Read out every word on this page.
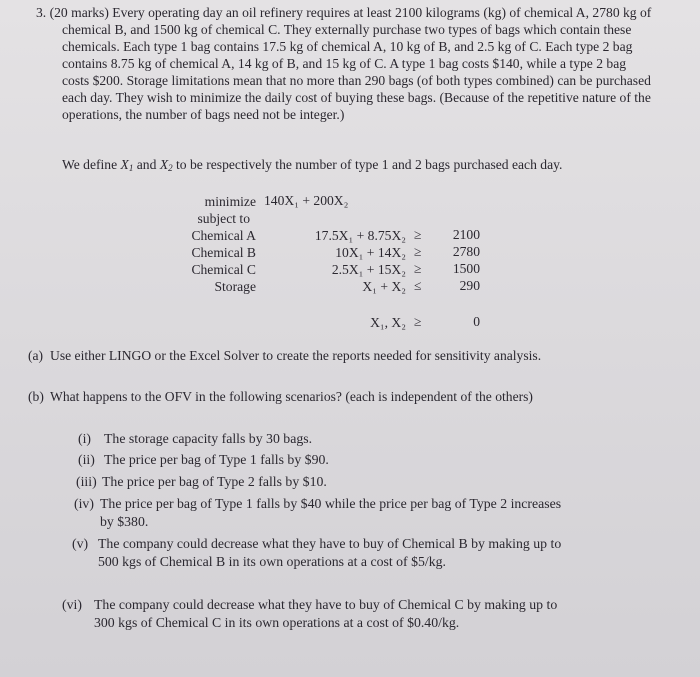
3. (20 marks) Every operating day an oil refinery requires at least 2100 kilograms (kg) of chemical A, 2780 kg of chemical B, and 1500 kg of chemical C. They externally purchase two types of bags which contain these chemicals. Each type 1 bag contains 17.5 kg of chemical A, 10 kg of B, and 2.5 kg of C. Each type 2 bag contains 8.75 kg of chemical A, 14 kg of B, and 15 kg of C. A type 1 bag costs $140, while a type 2 bag costs $200. Storage limitations mean that no more than 290 bags (of both types combined) can be purchased each day. They wish to minimize the daily cost of buying these bags. (Because of the repetitive nature of the operations, the number of bags need not be integer.)

We define $X_1$ and $X_2$ to be respectively the number of type 1 and 2 bags purchased each day.

minimize 140X₁ + 200X₂
subject to
Chemical A	17.5X₁ + 8.75X₂ ≥	2100
Chemical B	10X₁ + 14X₂ ≥	2780
Chemical C	2.5X₁ + 15X₂ ≥	1500
Storage	X₁ + X₂ ≤	290
X₁, X₂ ≥	0
(a) Use either LINGO or the Excel Solver to create the reports needed for sensitivity analysis.
(b) What happens to the OFV in the following scenarios? (each is independent of the others)
(i) The storage capacity falls by 30 bags.
(ii) The price per bag of Type 1 falls by $90.
(iii) The price per bag of Type 2 falls by $10.
(iv) The price per bag of Type 1 falls by $40 while the price per bag of Type 2 increases by $380.
(v) The company could decrease what they have to buy of Chemical B by making up to 500 kgs of Chemical B in its own operations at a cost of $5/kg.
(vi) The company could decrease what they have to buy of Chemical C by making up to 300 kgs of Chemical C in its own operations at a cost of $0.40/kg.
